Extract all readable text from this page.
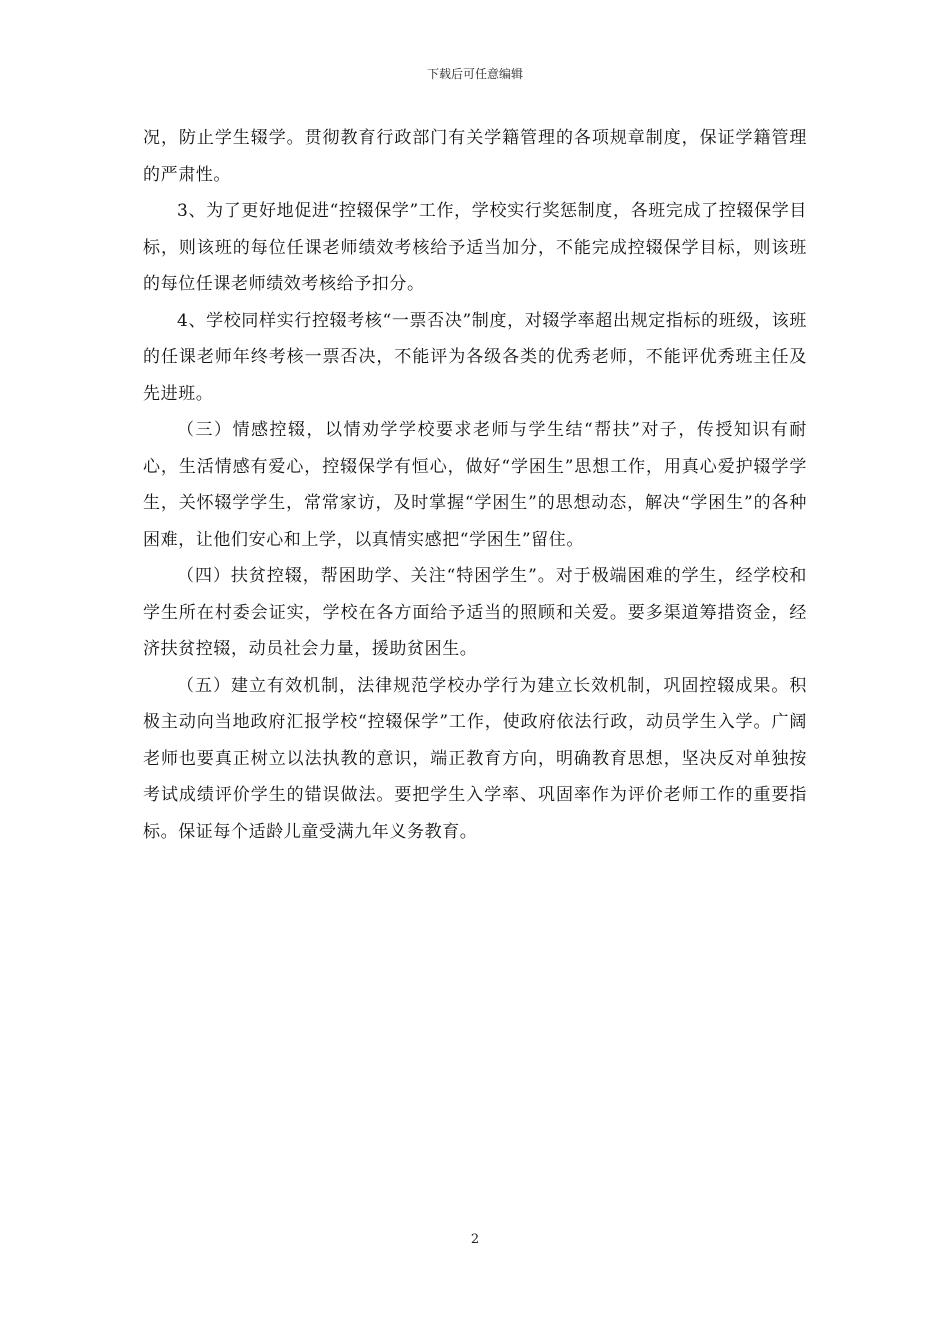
下载后可任意编辑

况，防止学生辍学。贯彻教育行政部门有关学籍管理的各项规章制度，保证学籍管理的严肃性。

3、为了更好地促进“控辍保学”工作，学校实行奖惩制度，各班完成了控辍保学目标，则该班的每位任课老师绩效考核给予适当加分，不能完成控辍保学目标，则该班的每位任课老师绩效考核给予扣分。

4、学校同样实行控辍考核“一票否决”制度，对辍学率超出规定指标的班级，该班的任课老师年终考核一票否决，不能评为各级各类的优秀老师，不能评优秀班主任及先进班。

（三）情感控辍，以情劝学学校要求老师与学生结“帮扶”对子，传授知识有耐心，生活情感有爱心，控辍保学有恒心，做好“学困生”思想工作，用真心爱护辍学学生，关怀辍学学生，常常家访，及时掌握“学困生”的思想动态，解决“学困生”的各种困难，让他们安心和上学，以真情实感把“学困生”留住。

（四）扶贫控辍，帮困助学、关注“特困学生”。对于极端困难的学生，经学校和学生所在村委会证实，学校在各方面给予适当的照顾和关爱。要多渠道筹措资金，经济扶贫控辍，动员社会力量，援助贫困生。

（五）建立有效机制，法律规范学校办学行为建立长效机制，巩固控辍成果。积极主动向当地政府汇报学校“控辍保学”工作，使政府依法行政，动员学生入学。广阔老师也要真正树立以法执教的意识，端正教育方向，明确教育思想，坚决反对单独按考试成绩评价学生的错误做法。要把学生入学率、巩固率作为评价老师工作的重要指标。保证每个适龄儿童受满九年义务教育。

2
